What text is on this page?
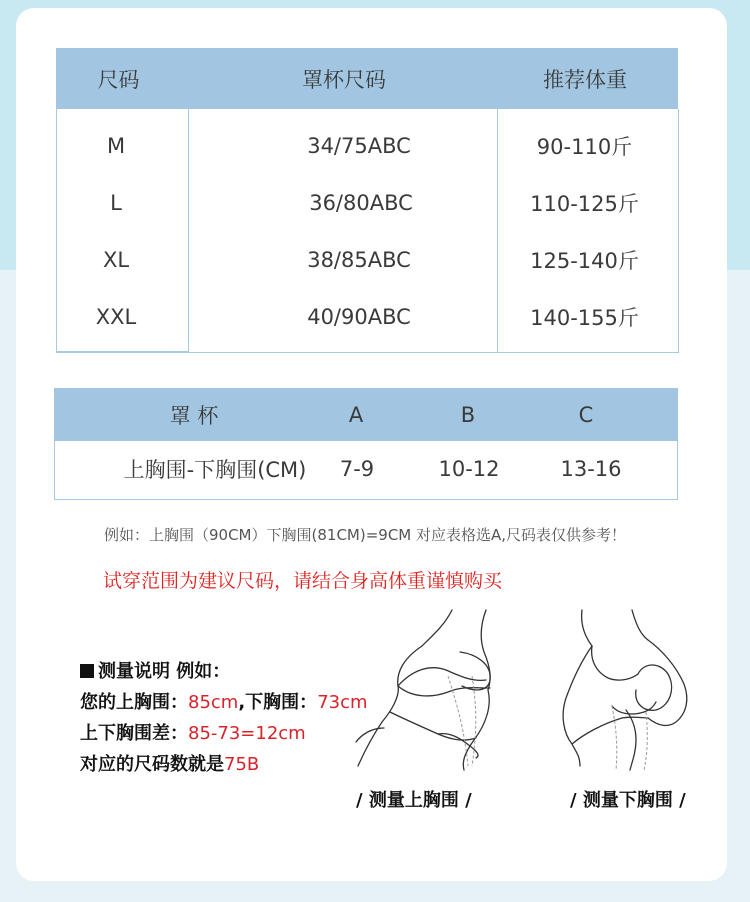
尺码	罩杯尺码	推荐体重
M	34/75ABC	90-110斤
L	36/80ABC	110-125斤
XL	38/85ABC	125-140斤
XXL	40/90ABC	140-155斤
罩 杯	A	B	C
上胸围-下胸围(CM)	7-9	10-12	13-16
例如：上胸围（90CM）下胸围(81CM)=9CM 对应表格选A,尺码表仅供参考！
试穿范围为建议尺码，请结合身高体重谨慎购买
测量说明 例如：
您的上胸围：85cm,下胸围：73cm
上下胸围差：85-73=12cm
对应的尺码数就是75B
/ 测量上胸围 /	/ 测量下胸围 /
